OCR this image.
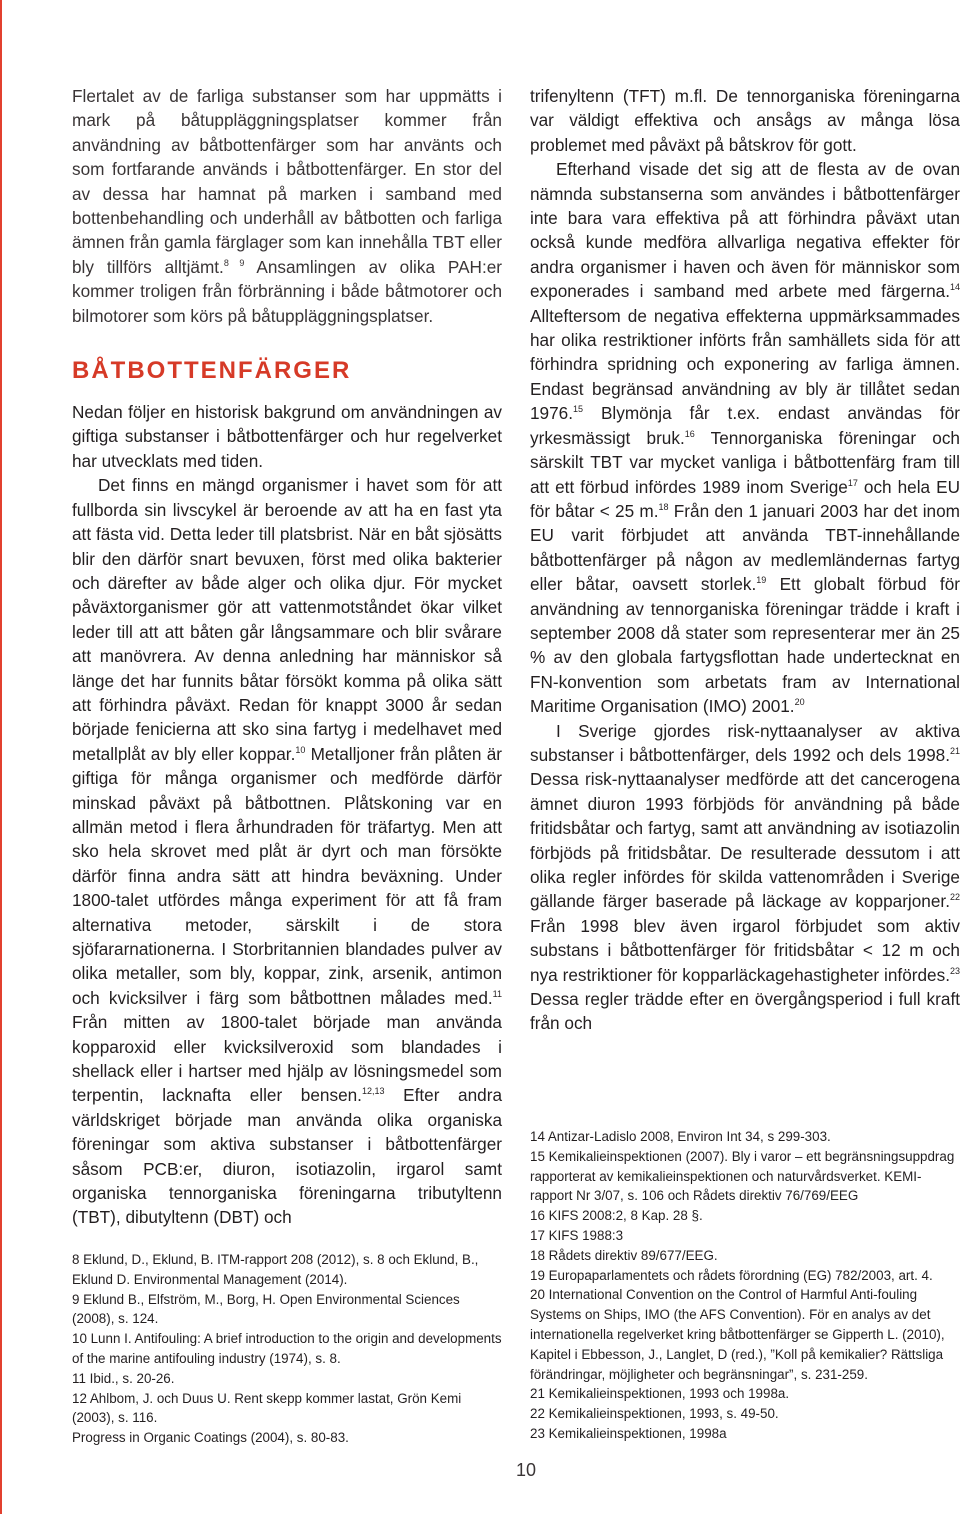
Flertalet av de farliga substanser som har uppmätts i mark på båtuppläggningsplatser kommer från användning av båtbottenfärger som har använts och som fortfarande används i båtbottenfärger. En stor del av dessa har hamnat på marken i samband med bottenbehandling och underhåll av båtbotten och farliga ämnen från gamla färglager som kan innehålla TBT eller bly tillförs alltjämt.$^{8 9}$ Ansamlingen av olika PAH:er kommer troligen från förbränning i både båtmotorer och bilmotorer som körs på båtuppläggningsplatser.

BÅTBOTTENFÄRGER

Nedan följer en historisk bakgrund om användningen av giftiga substanser i båtbottenfärger och hur regelverket har utvecklats med tiden.

Det finns en mängd organismer i havet som för att fullborda sin livscykel är beroende av att ha en fast yta att fästa vid. Detta leder till platsbrist. När en båt sjösätts blir den därför snart bevuxen, först med olika bakterier och därefter av både alger och olika djur. För mycket påväxtorganismer gör att vattenmotståndet ökar vilket leder till att att båten går långsammare och blir svårare att manövrera. Av denna anledning har människor så länge det har funnits båtar försökt komma på olika sätt att förhindra påväxt. Redan för knappt 3000 år sedan började fenicierna att sko sina fartyg i medelhavet med metallplåt av bly eller koppar.$^{10}$ Metalljoner från plåten är giftiga för många organismer och medförde därför minskad påväxt på båtbottnen. Plåtskoning var en allmän metod i flera århundraden för träfartyg. Men att sko hela skrovet med plåt är dyrt och man försökte därför finna andra sätt att hindra beväxning. Under 1800-talet utfördes många experiment för att få fram alternativa metoder, särskilt i de stora sjöfararnationerna. I Storbritannien blandades pulver av olika metaller, som bly, koppar, zink, arsenik, antimon och kvicksilver i färg som båtbottnen målades med.$^{11}$ Från mitten av 1800-talet började man använda kopparoxid eller kvicksilveroxid som blandades i shellack eller i hartser med hjälp av lösningsmedel som terpentin, lacknafta eller bensen.$^{12,13}$ Efter andra världskriget började man använda olika organiska föreningar som aktiva substanser i båtbottenfärger såsom PCB:er, diuron, isotiazolin, irgarol samt organiska tennorganiska föreningarna tributyltenn (TBT), dibutyltenn (DBT) och

trifenyltenn (TFT) m.fl. De tennorganiska föreningarna var väldigt effektiva och ansågs av många lösa problemet med påväxt på båtskrov för gott.

Efterhand visade det sig att de flesta av de ovan nämnda substanserna som användes i båtbottenfärger inte bara vara effektiva på att förhindra påväxt utan också kunde medföra allvarliga negativa effekter för andra organismer i haven och även för människor som exponerades i samband med arbete med färgerna.$^{14}$ Allteftersom de negativa effekterna uppmärksammades har olika restriktioner införts från samhällets sida för att förhindra spridning och exponering av farliga ämnen. Endast begränsad användning av bly är tillåtet sedan 1976.15 Blymönja får t.ex. endast användas för yrkesmässigt bruk.$^{16}$ Tennorganiska föreningar och särskilt TBT var mycket vanliga i båtbottenfärg fram till att ett förbud infördes 1989 inom Sverige$^{17}$ och hela EU för båtar < 25 m.$^{18}$ Från den 1 januari 2003 har det inom EU varit förbjudet att använda TBT-innehållande båtbottenfärger på någon av medlemländernas fartyg eller båtar, oavsett storlek.$^{19}$ Ett globalt förbud för användning av tennorganiska föreningar trädde i kraft i september 2008 då stater som representerar mer än 25 % av den globala fartygsflottan hade undertecknat en FN-konvention som arbetats fram av International Maritime Organisation (IMO) 2001.20

I Sverige gjordes risk-nyttaanalyser av aktiva substanser i båtbottenfärger, dels 1992 och dels 1998.21 Dessa risk-nyttaanalyser medförde att det cancerogena ämnet diuron 1993 förbjöds för användning på både fritidsbåtar och fartyg, samt att användning av isotiazolin förbjöds på fritidsbåtar. De resulterade dessutom i att olika regler infördes för skilda vattenområden i Sverige gällande färger baserade på läckage av kopparjoner.$^{22}$ Från 1998 blev även irgarol förbjudet som aktiv substans i båtbottenfärger för fritidsbåtar < 12 m och nya restriktioner för kopparläckagehastigheter infördes.$^{23}$ Dessa regler trädde efter en övergångsperiod i full kraft från och

8 Eklund, D., Eklund, B. ITM-rapport 208 (2012), s. 8 och Eklund, B., Eklund D. Environmental Management (2014).
9 Eklund B., Elfström, M., Borg, H. Open Environmental Sciences (2008), s. 124.
10 Lunn I. Antifouling: A brief introduction to the origin and developments of the marine antifouling industry (1974), s. 8.
11 Ibid., s. 20-26.
12 Ahlbom, J. och Duus U. Rent skepp kommer lastat, Grön Kemi (2003), s. 116.
Progress in Organic Coatings (2004), s. 80-83.
14 Antizar-Ladislo 2008, Environ Int 34, s 299-303.
15 Kemikalieinspektionen (2007). Bly i varor – ett begränsningsuppdrag rapporterat av kemikalieinspektionen och naturvårdsverket. KEMI-rapport Nr 3/07, s. 106 och Rådets direktiv 76/769/EEG
16 KIFS 2008:2, 8 Kap. 28 §.
17 KIFS 1988:3
18 Rådets direktiv 89/677/EEG.
19 Europaparlamentets och rådets förordning (EG) 782/2003, art. 4.
20 International Convention on the Control of Harmful Anti-fouling Systems on Ships, IMO (the AFS Convention). För en analys av det internationella regelverket kring båtbottenfärger se Gipperth L. (2010), Kapitel i Ebbesson, J., Langlet, D (red.), ”Koll på kemikalier? Rättsliga förändringar, möjligheter och begränsningar”, s. 231-259.
21 Kemikalieinspektionen, 1993 och 1998a.
22 Kemikalieinspektionen, 1993, s. 49-50.
23 Kemikalieinspektionen, 1998a
10
